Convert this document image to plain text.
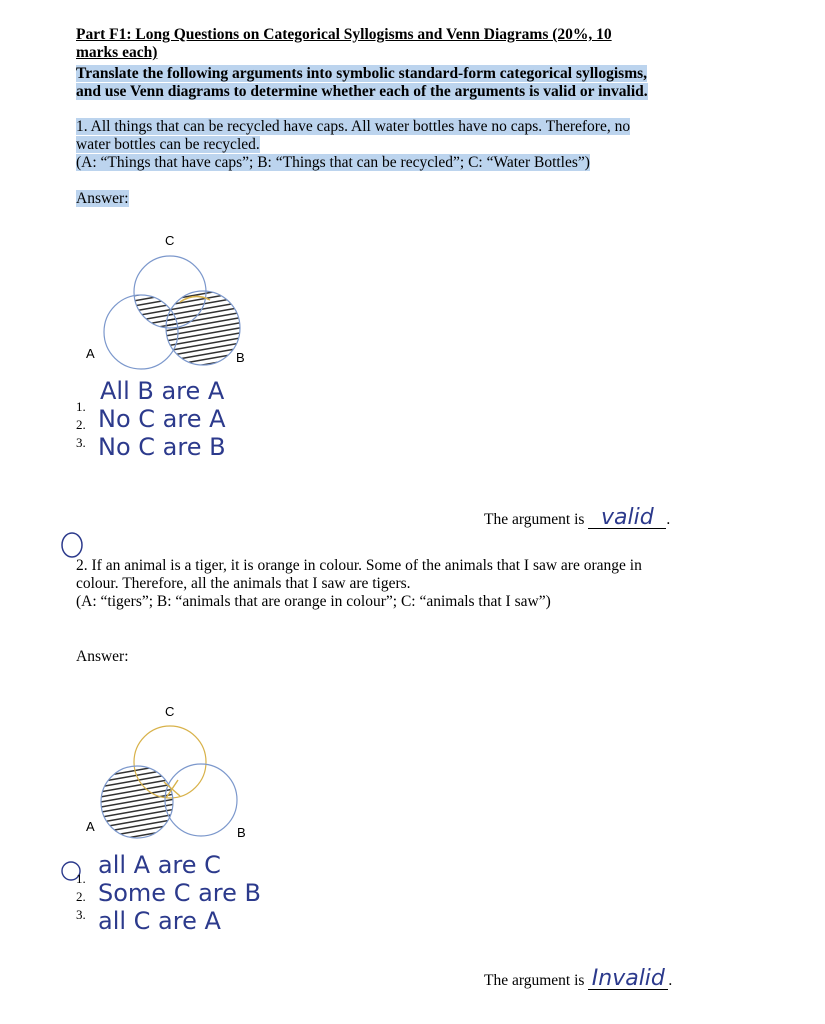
Part F1: Long Questions on Categorical Syllogisms and Venn Diagrams (20%, 10
marks each)
Translate the following arguments into symbolic standard-form categorical syllogisms,
and use Venn diagrams to determine whether each of the arguments is valid or invalid.
1. All things that can be recycled have caps. All water bottles have no caps. Therefore, no
water bottles can be recycled.
(A: “Things that have caps”; B: “Things that can be recycled”; C: “Water Bottles”)
Answer:
C
A	B
1.
2.
3.
All B are A
No C are A
No C are B
The argument is valid .
2. If an animal is a tiger, it is orange in colour. Some of the animals that I saw are orange in
colour. Therefore, all the animals that I saw are tigers.
(A: “tigers”; B: “animals that are orange in colour”; C: “animals that I saw”)
Answer:
C
A	B
1.
2.
3.
all A are C
Some C are B
all C are A
The argument is Invalid .
